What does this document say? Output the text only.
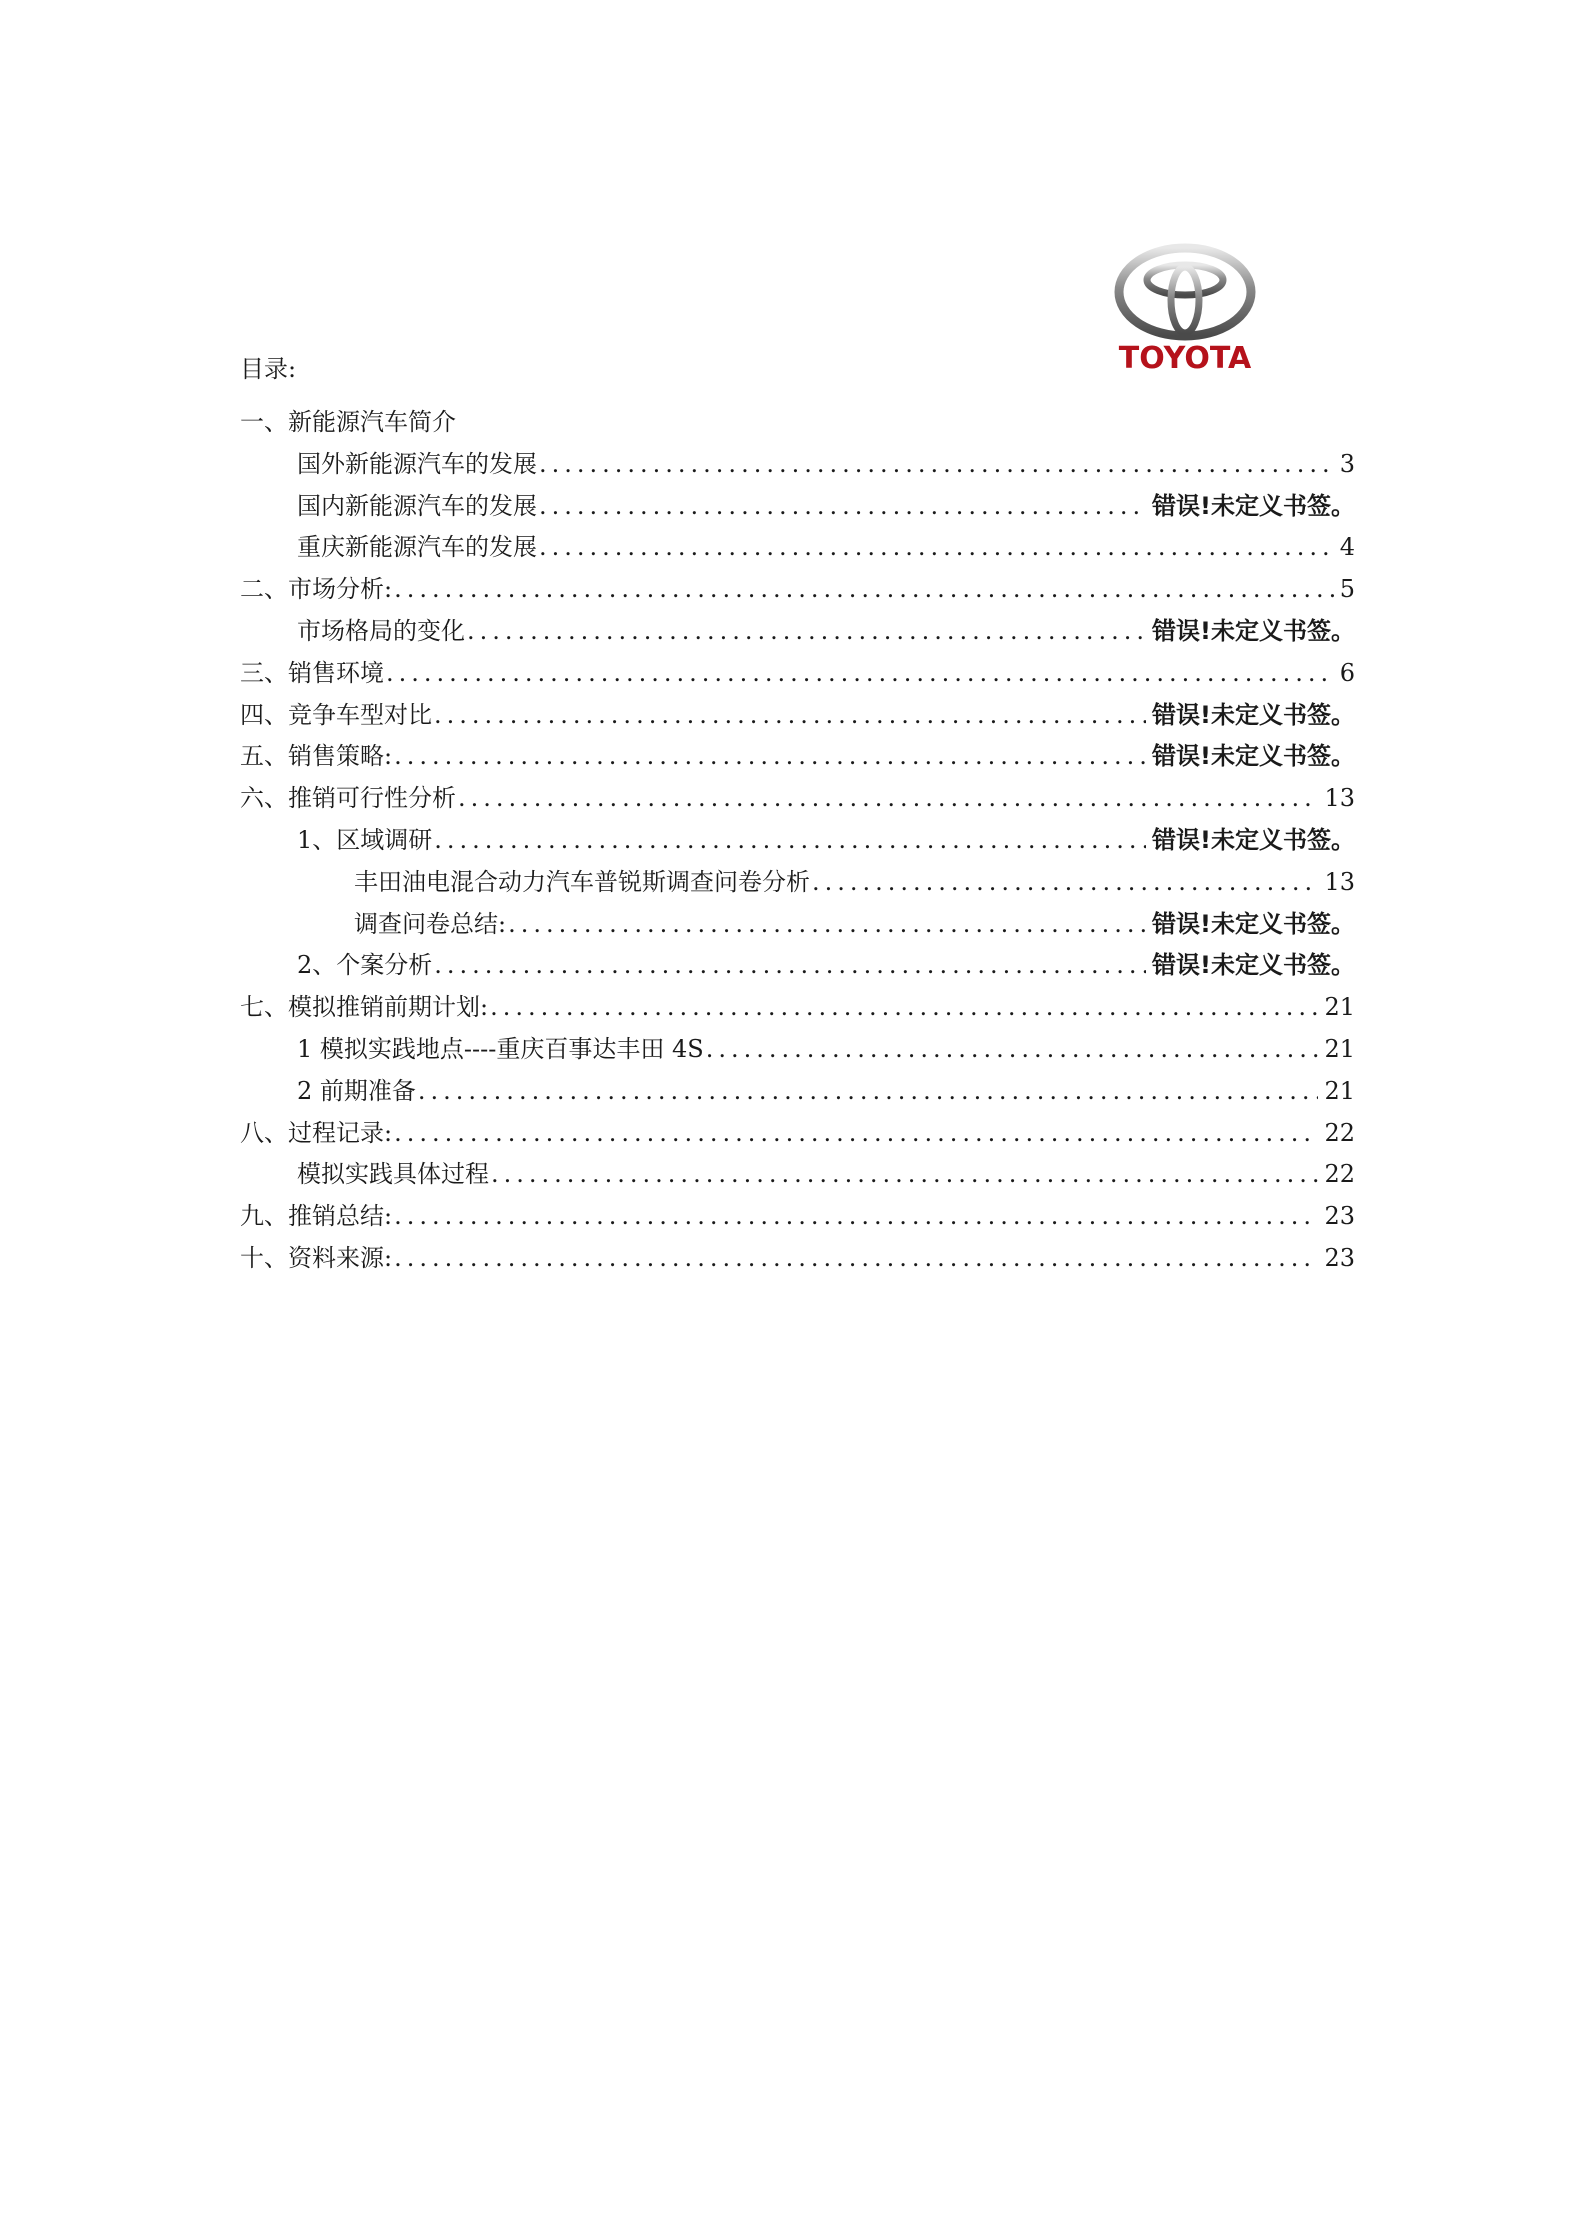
TOYOTA
目录:
一、新能源汽车简介
国外新能源汽车的发展 .....	3
国内新能源汽车的发展 .....	错误!未定义书签。
重庆新能源汽车的发展 .....	4
二、市场分析: .....	5
市场格局的变化 .....	错误!未定义书签。
三、销售环境 .....	6
四、竞争车型对比 .....	错误!未定义书签。
五、销售策略: .....	错误!未定义书签。
六、推销可行性分析 .....	13
1、区域调研 .....	错误!未定义书签。
丰田油电混合动力汽车普锐斯调查问卷分析 .....	13
调查问卷总结: .....	错误!未定义书签。
2、个案分析 .....	错误!未定义书签。
七、模拟推销前期计划: .....	21
1 模拟实践地点----重庆百事达丰田 4S .....	21
2 前期准备 .....	21
八、过程记录: .....	22
模拟实践具体过程 .....	22
九、推销总结: .....	23
十、资料来源: .....	23
